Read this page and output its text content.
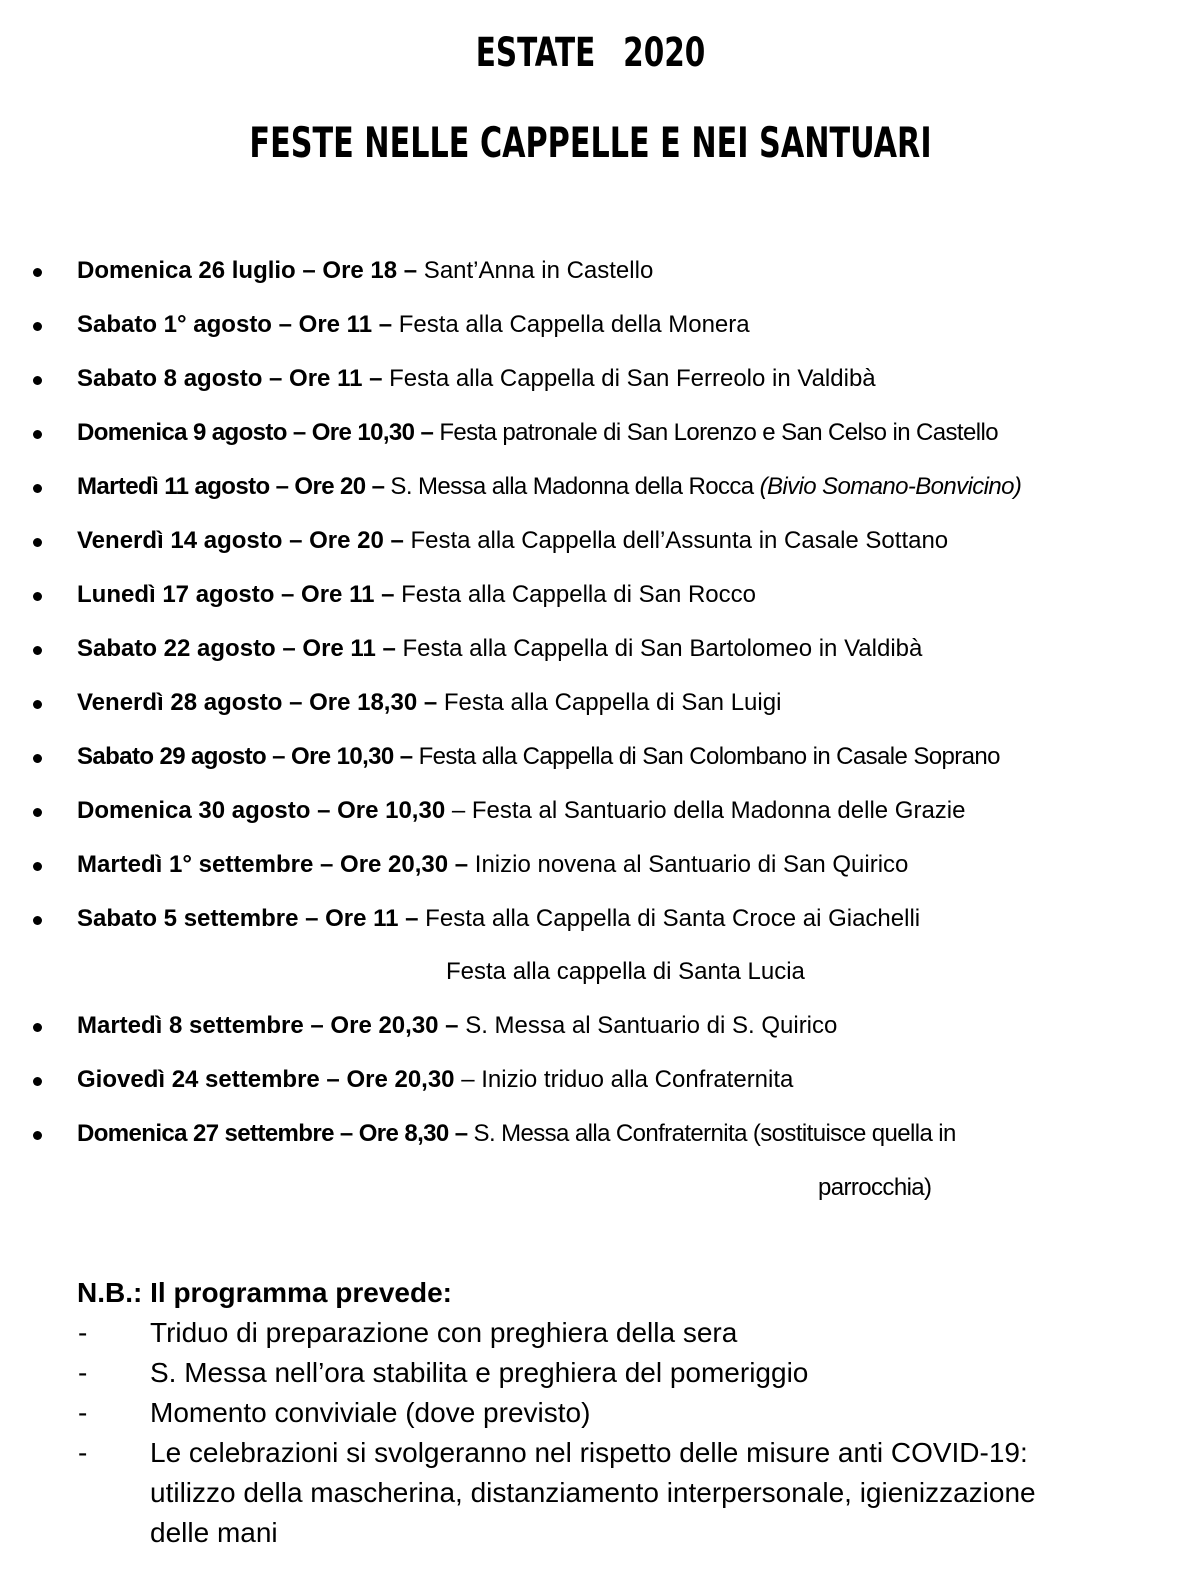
ESTATE 2020
FESTE NELLE CAPPELLE E NEI SANTUARI
Domenica 26 luglio – Ore 18 – Sant’Anna in Castello
Sabato 1° agosto – Ore 11 – Festa alla Cappella della Monera
Sabato 8 agosto – Ore 11 – Festa alla Cappella di San Ferreolo in Valdibà
Domenica 9 agosto – Ore 10,30 – Festa patronale di San Lorenzo e San Celso in Castello
Martedì 11 agosto – Ore 20 – S. Messa alla Madonna della Rocca (Bivio Somano-Bonvicino)
Venerdì 14 agosto – Ore 20 – Festa alla Cappella dell’Assunta in Casale Sottano
Lunedì 17 agosto – Ore 11 – Festa alla Cappella di San Rocco
Sabato 22 agosto – Ore 11 – Festa alla Cappella di San Bartolomeo in Valdibà
Venerdì 28 agosto – Ore 18,30 – Festa alla Cappella di San Luigi
Sabato 29 agosto – Ore 10,30 – Festa alla Cappella di San Colombano in Casale Soprano
Domenica 30 agosto – Ore 10,30 – Festa al Santuario della Madonna delle Grazie
Martedì 1° settembre – Ore 20,30 – Inizio novena al Santuario di San Quirico
Sabato 5 settembre – Ore 11 – Festa alla Cappella di Santa Croce ai Giachelli
Festa alla cappella di Santa Lucia
Martedì 8 settembre – Ore 20,30 – S. Messa al Santuario di S. Quirico
Giovedì 24 settembre – Ore 20,30 – Inizio triduo alla Confraternita
Domenica 27 settembre – Ore 8,30 – S. Messa alla Confraternita (sostituisce quella in
parrocchia)
N.B.: Il programma prevede:
- Triduo di preparazione con preghiera della sera
- S. Messa nell’ora stabilita e preghiera del pomeriggio
- Momento conviviale (dove previsto)
- Le celebrazioni si svolgeranno nel rispetto delle misure anti COVID-19:
utilizzo della mascherina, distanziamento interpersonale, igienizzazione
delle mani
